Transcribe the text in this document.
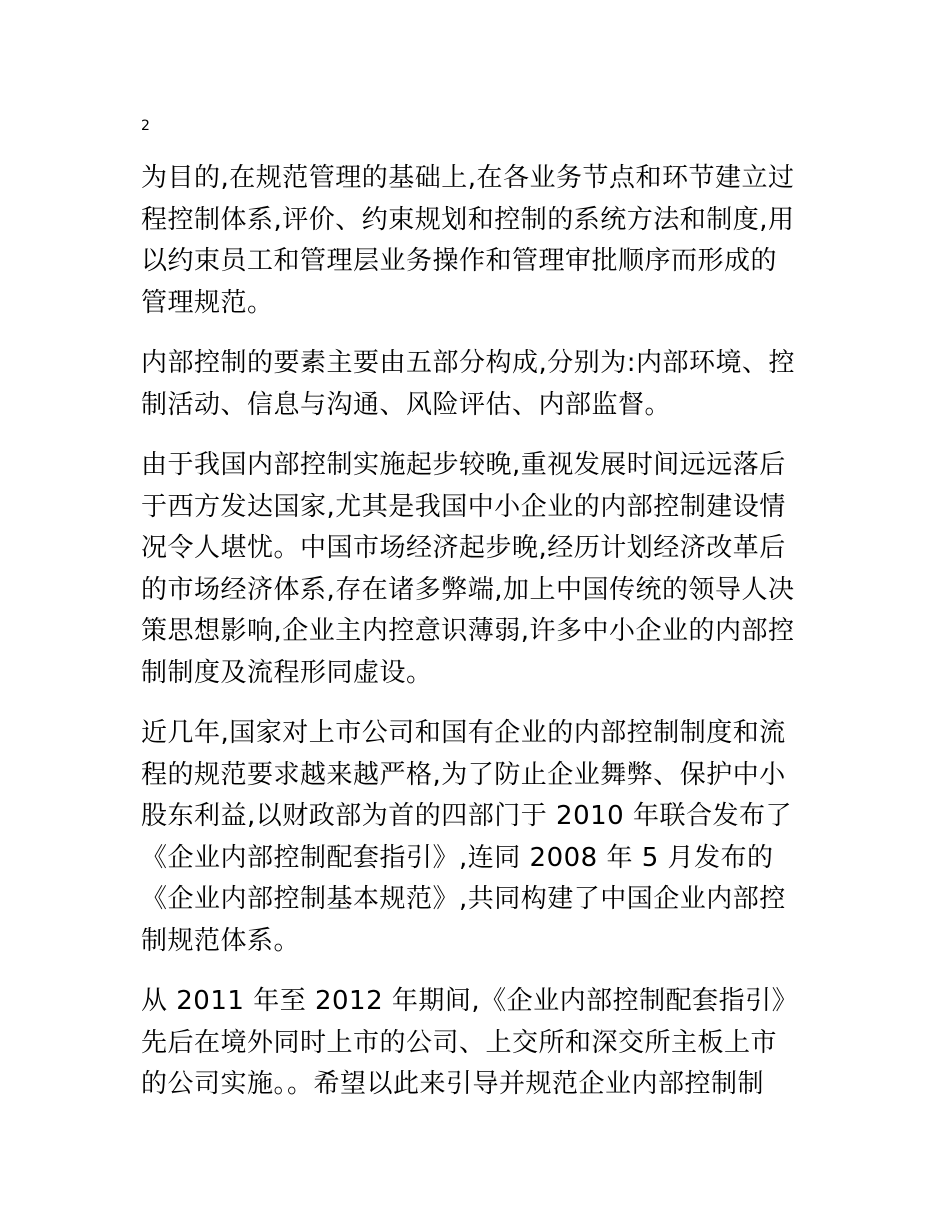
2

为目的,在规范管理的基础上,在各业务节点和环节建立过
程控制体系,评价、约束规划和控制的系统方法和制度,用
以约束员工和管理层业务操作和管理审批顺序而形成的
管理规范。

内部控制的要素主要由五部分构成,分别为:内部环境、控
制活动、信息与沟通、风险评估、内部监督。

由于我国内部控制实施起步较晚,重视发展时间远远落后
于西方发达国家,尤其是我国中小企业的内部控制建设情
况令人堪忧。中国市场经济起步晚,经历计划经济改革后
的市场经济体系,存在诸多弊端,加上中国传统的领导人决
策思想影响,企业主内控意识薄弱,许多中小企业的内部控
制制度及流程形同虚设。

近几年,国家对上市公司和国有企业的内部控制制度和流
程的规范要求越来越严格,为了防止企业舞弊、保护中小
股东利益,以财政部为首的四部门于 2010 年联合发布了
《企业内部控制配套指引》,连同 2008 年 5 月发布的
《企业内部控制基本规范》,共同构建了中国企业内部控
制规范体系。

从 2011 年至 2012 年期间,《企业内部控制配套指引》
先后在境外同时上市的公司、上交所和深交所主板上市
的公司实施。。希望以此来引导并规范企业内部控制制
